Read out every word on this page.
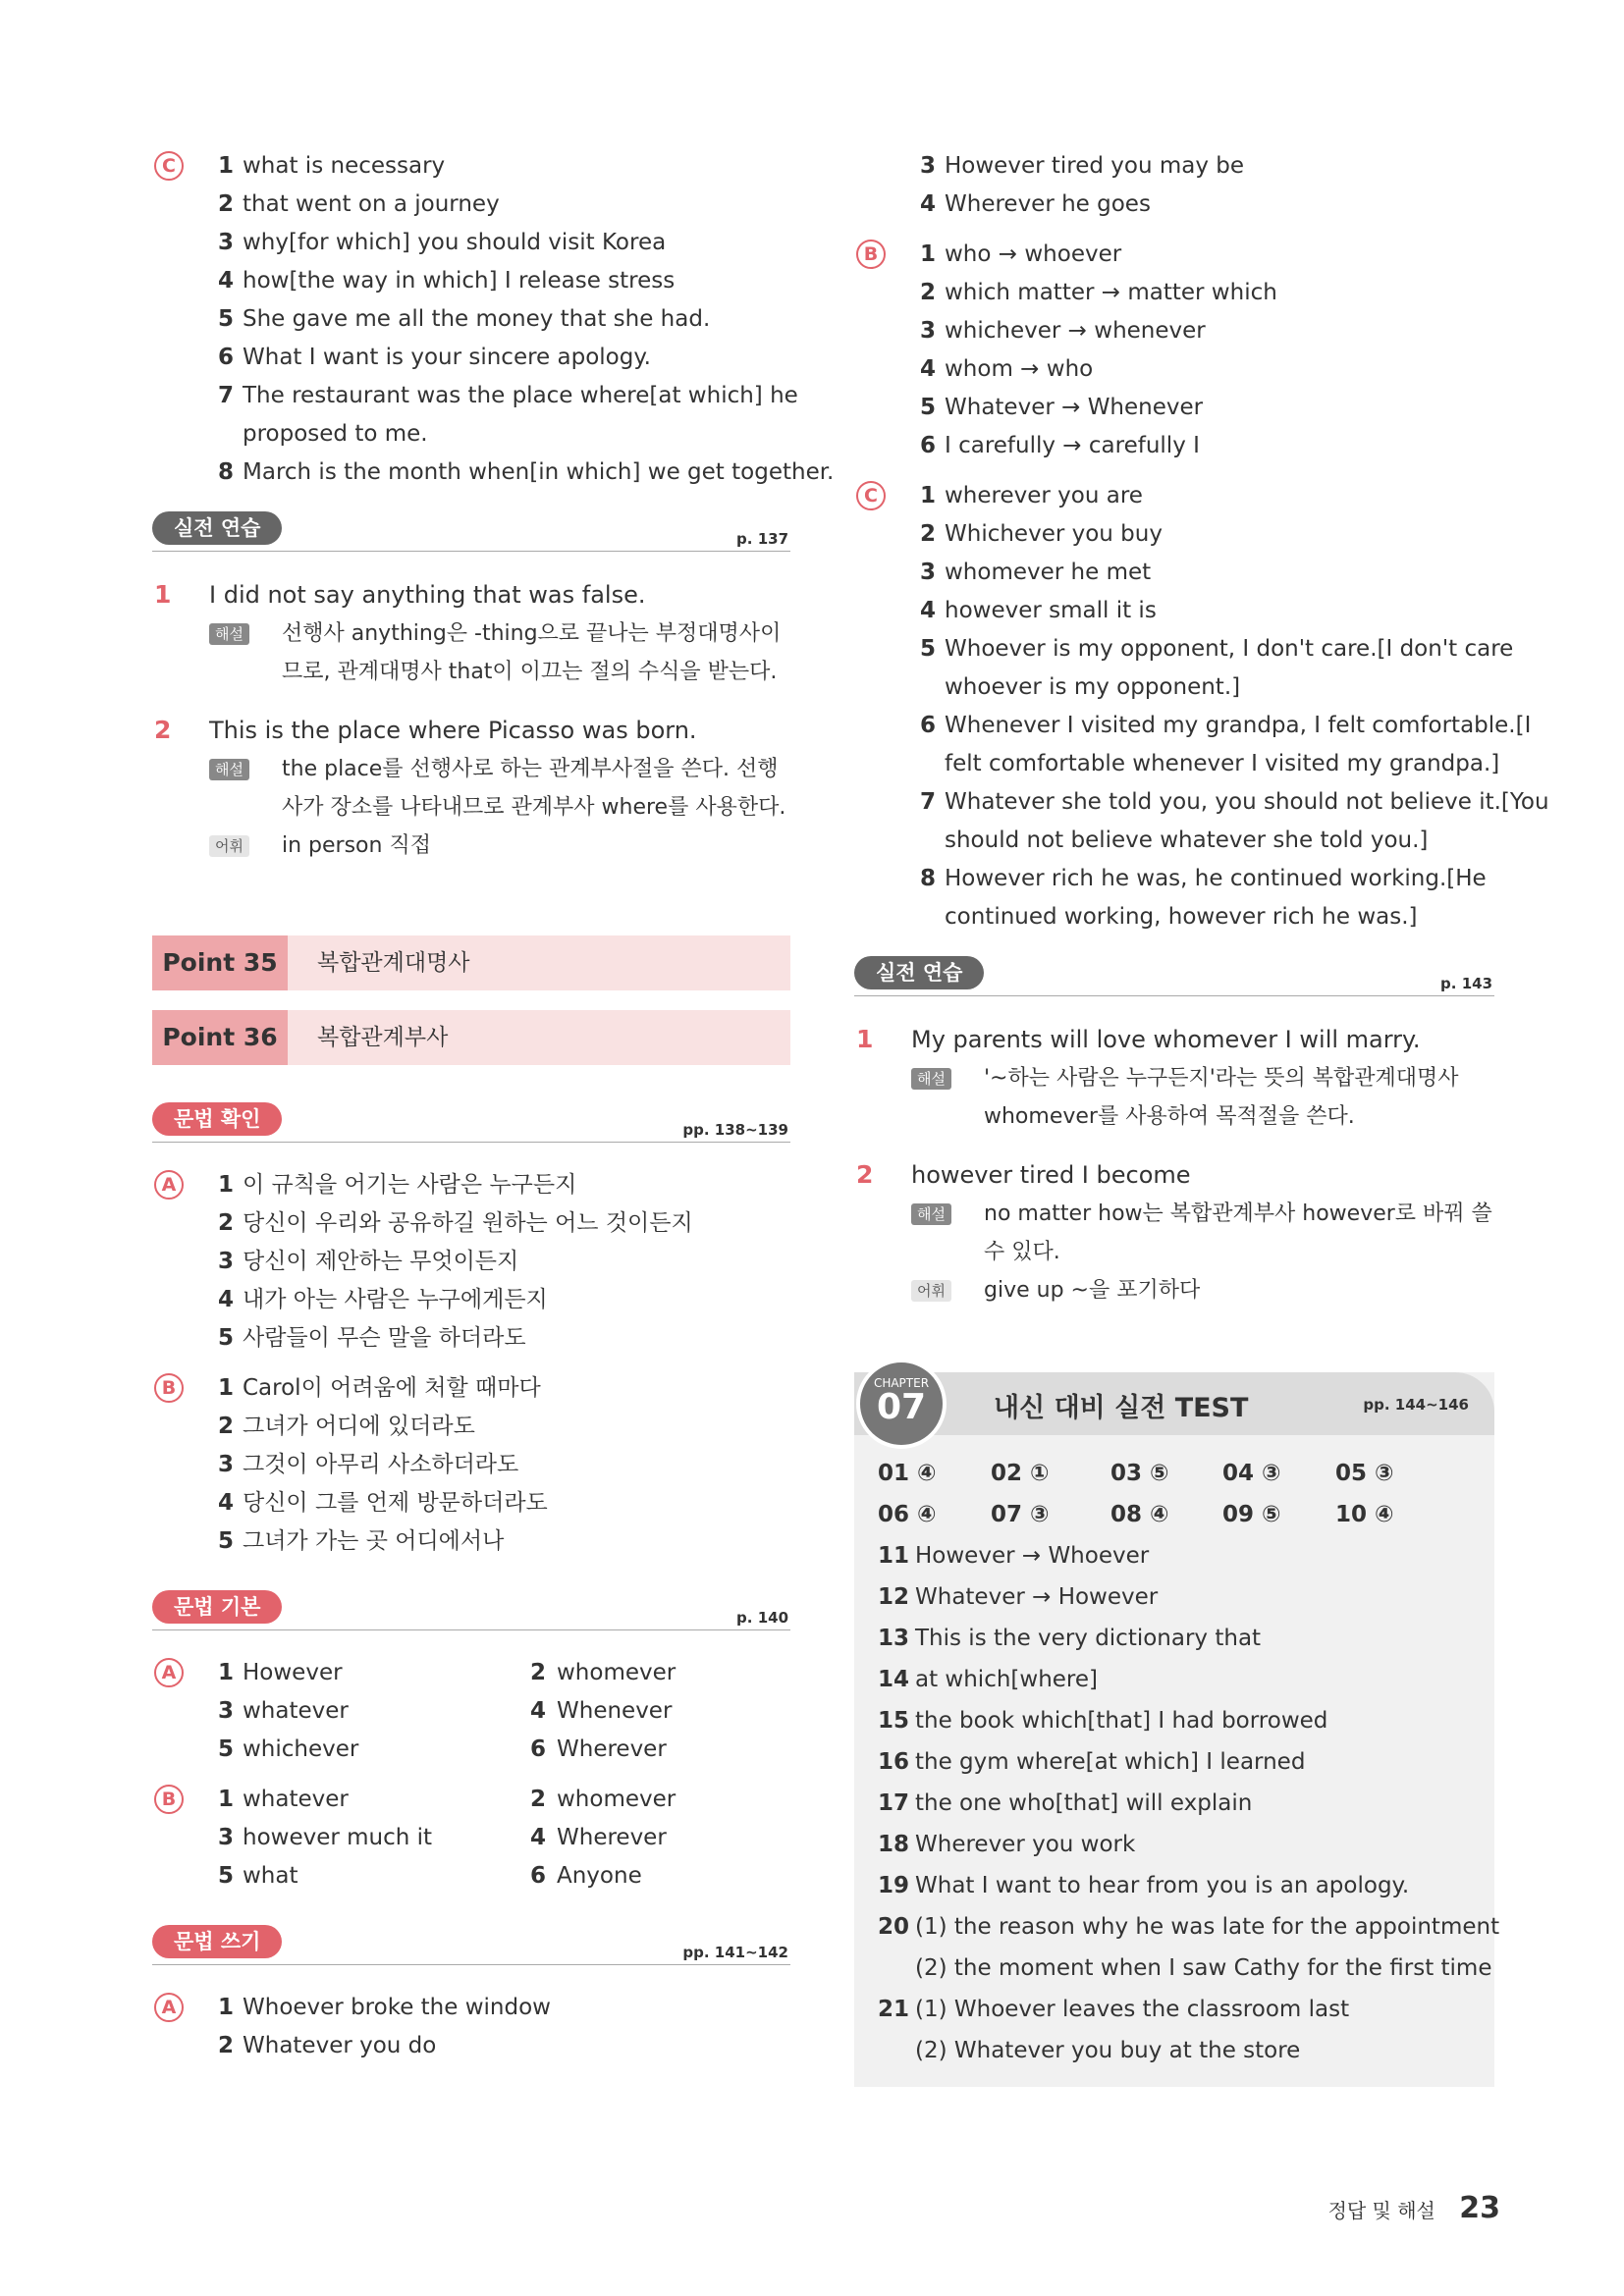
C	1 what is necessary
2 that went on a journey
3 why[for which] you should visit Korea
4 how[the way in which] I release stress
5 She gave me all the money that she had.
6 What I want is your sincere apology.
7 The restaurant was the place where[at which] he
proposed to me.
8 March is the month when[in which] we get together.
실전 연습	p. 137
1 I did not say anything that was false.
해설 선행사 anything은 -thing으로 끝나는 부정대명사이므로, 관계대명사 that이 이끄는 절의 수식을 받는다.
2 This is the place where Picasso was born.
해설 the place를 선행사로 하는 관계부사절을 쓴다. 선행사가 장소를 나타내므로 관계부사 where를 사용한다.
어휘 in person 직접
Point 35	복합관계대명사
Point 36	복합관계부사
문법 확인	pp. 138~139
A	1 이 규칙을 어기는 사람은 누구든지
2 당신이 우리와 공유하길 원하는 어느 것이든지
3 당신이 제안하는 무엇이든지
4 내가 아는 사람은 누구에게든지
5 사람들이 무슨 말을 하더라도
B	1 Carol이 어려움에 처할 때마다
2 그녀가 어디에 있더라도
3 그것이 아무리 사소하더라도
4 당신이 그를 언제 방문하더라도
5 그녀가 가는 곳 어디에서나
문법 기본	p. 140
A	1 However	2 whomever
3 whatever	4 Whenever
5 whichever	6 Wherever
B	1 whatever	2 whomever
3 however much it	4 Wherever
5 what	6 Anyone
문법 쓰기	pp. 141~142
A	1 Whoever broke the window
2 Whatever you do
3 However tired you may be
4 Wherever he goes
B	1 who → whoever
2 which matter → matter which
3 whichever → whenever
4 whom → who
5 Whatever → Whenever
6 I carefully → carefully I
C	1 wherever you are
2 Whichever you buy
3 whomever he met
4 however small it is
5 Whoever is my opponent, I don't care.[I don't care
whoever is my opponent.]
6 Whenever I visited my grandpa, I felt comfortable.[I
felt comfortable whenever I visited my grandpa.]
7 Whatever she told you, you should not believe it.[You
should not believe whatever she told you.]
8 However rich he was, he continued working.[He
continued working, however rich he was.]
실전 연습	p. 143
1 My parents will love whomever I will marry.
해설 '~하는 사람은 누구든지'라는 뜻의 복합관계대명사 whomever를 사용하여 목적절을 쓴다.
2 however tired I become
해설 no matter how는 복합관계부사 however로 바꿔 쓸 수 있다.
어휘 give up ~을 포기하다
CHAPTER
07	내신 대비 실전 TEST	pp. 144~146
01 ④ 02 ①	03 ⑤ 04 ③ 05 ③
06 ④ 07 ③	08 ④ 09 ⑤ 10 ④
11 However → Whoever
12 Whatever → However
13 This is the very dictionary that
14 at which[where]
15 the book which[that] I had borrowed
16 the gym where[at which] I learned
17 the one who[that] will explain
18 Wherever you work
19 What I want to hear from you is an apology.
20 (1) the reason why he was late for the appointment
(2) the moment when I saw Cathy for the first time
21 (1) Whoever leaves the classroom last
(2) Whatever you buy at the store
정답 및 해설 23
